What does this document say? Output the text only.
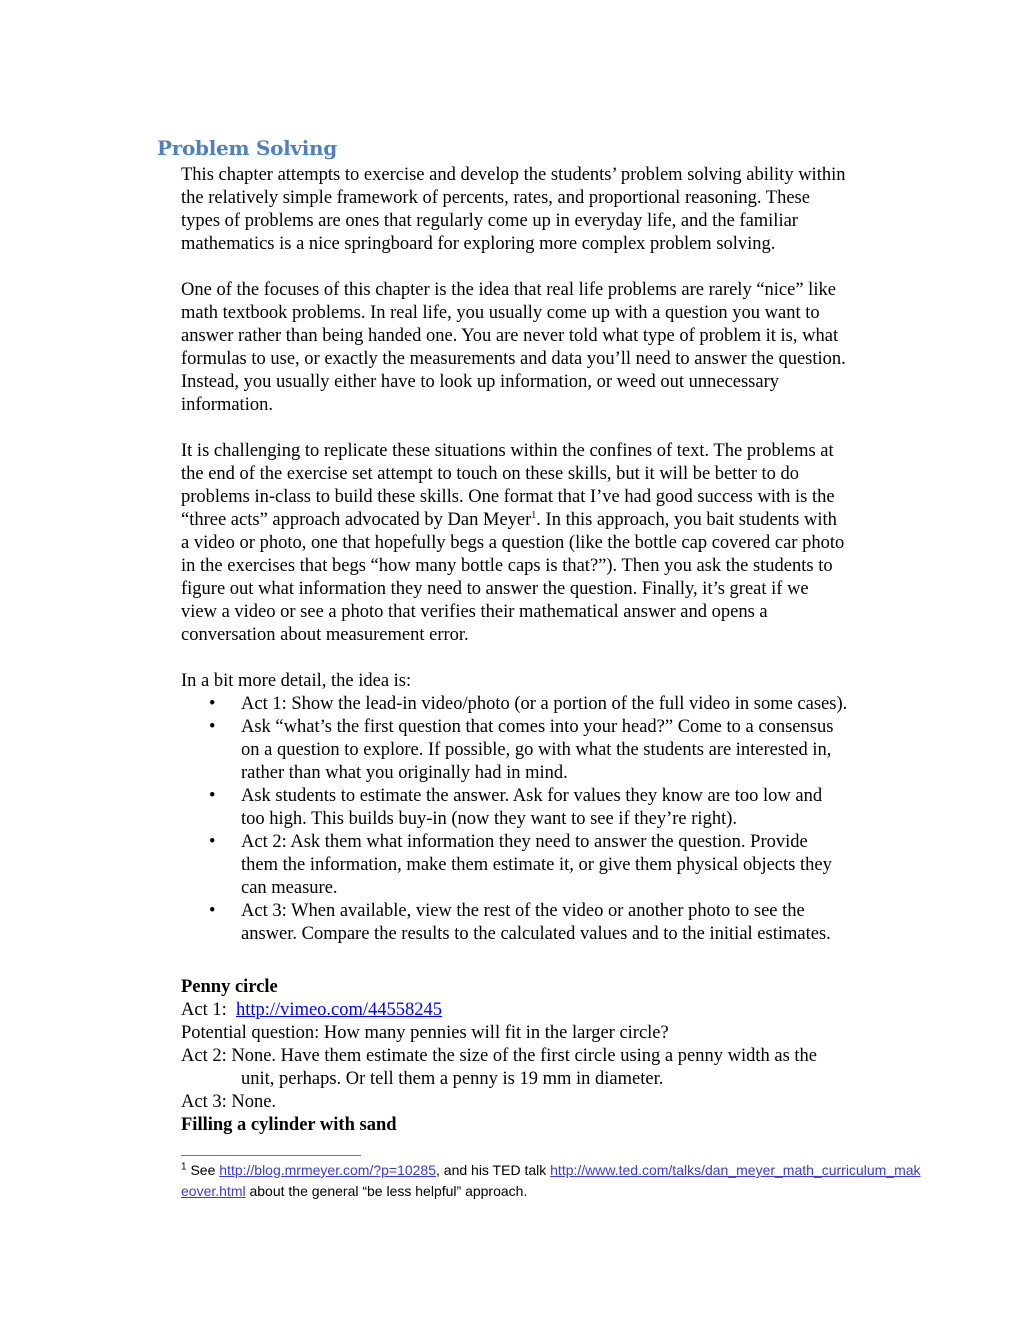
Problem Solving

This chapter attempts to exercise and develop the students’ problem solving ability within
the relatively simple framework of percents, rates, and proportional reasoning. These
types of problems are ones that regularly come up in everyday life, and the familiar
mathematics is a nice springboard for exploring more complex problem solving.

One of the focuses of this chapter is the idea that real life problems are rarely “nice” like
math textbook problems. In real life, you usually come up with a question you want to
answer rather than being handed one. You are never told what type of problem it is, what
formulas to use, or exactly the measurements and data you’ll need to answer the question.
Instead, you usually either have to look up information, or weed out unnecessary
information.

It is challenging to replicate these situations within the confines of text. The problems at
the end of the exercise set attempt to touch on these skills, but it will be better to do
problems in-class to build these skills. One format that I’ve had good success with is the
“three acts” approach advocated by Dan Meyer$^1$. In this approach, you bait students with
a video or photo, one that hopefully begs a question (like the bottle cap covered car photo
in the exercises that begs “how many bottle caps is that?”). Then you ask the students to
figure out what information they need to answer the question. Finally, it’s great if we
view a video or see a photo that verifies their mathematical answer and opens a
conversation about measurement error.

In a bit more detail, the idea is:

• Act 1: Show the lead-in video/photo (or a portion of the full video in some cases).
• Ask “what’s the first question that comes into your head?” Come to a consensus
on a question to explore. If possible, go with what the students are interested in,
rather than what you originally had in mind.
• Ask students to estimate the answer. Ask for values they know are too low and
too high. This builds buy-in (now they want to see if they’re right).
• Act 2: Ask them what information they need to answer the question. Provide
them the information, make them estimate it, or give them physical objects they
can measure.
• Act 3: When available, view the rest of the video or another photo to see the
answer. Compare the results to the calculated values and to the initial estimates.
Penny circle
Act 1:  http://vimeo.com/44558245
Potential question: How many pennies will fit in the larger circle?
Act 2: None. Have them estimate the size of the first circle using a penny width as the
unit, perhaps. Or tell them a penny is 19 mm in diameter.
Act 3: None.
Filling a cylinder with sand
$^1$ See http://blog.mrmeyer.com/?p=10285, and his TED talk http://www.ted.com/talks/dan_meyer_math_curriculum_makeover.html about the general “be less helpful” approach.
